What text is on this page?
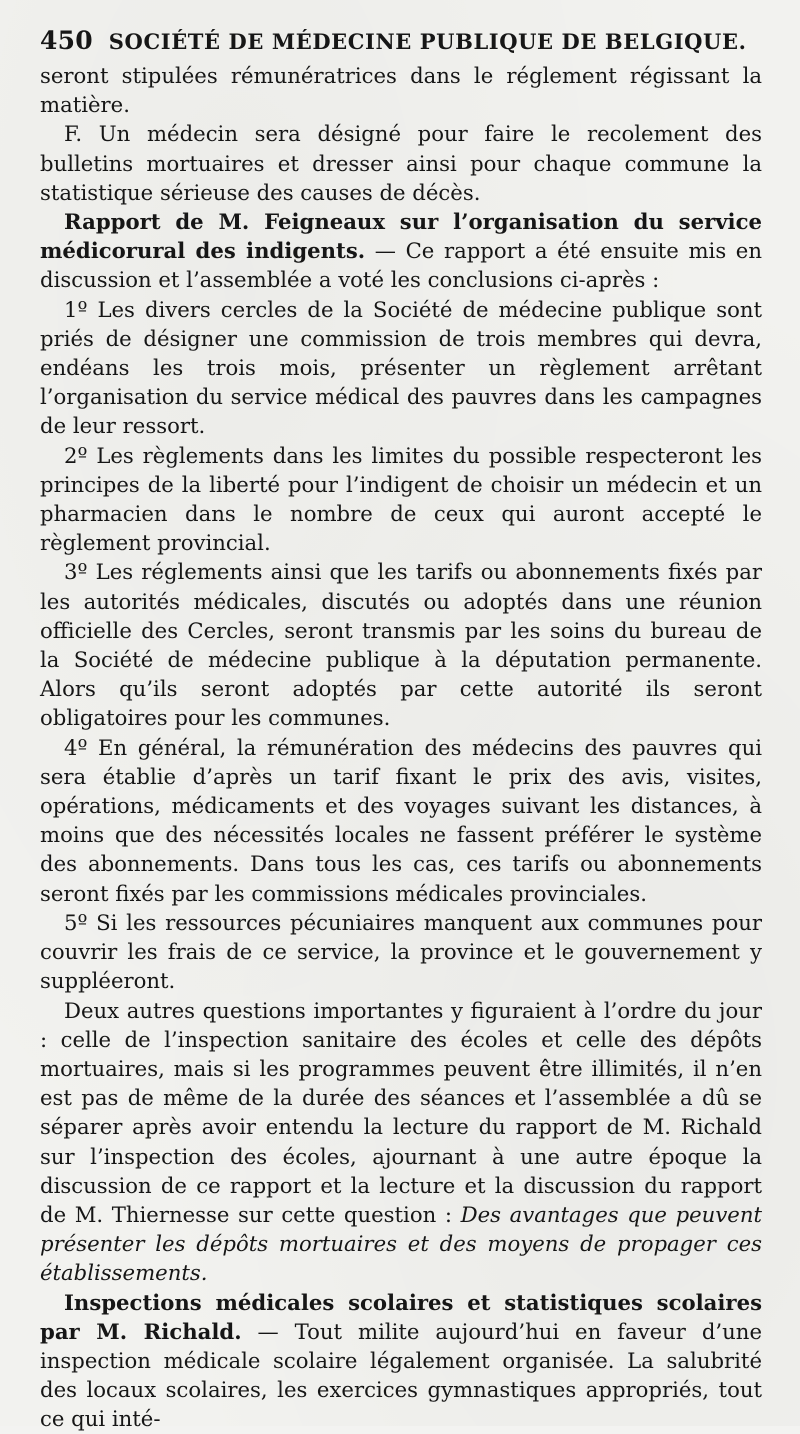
450 SOCIÉTÉ DE MÉDECINE PUBLIQUE DE BELGIQUE.

seront stipulées rémunératrices dans le réglement régissant la matière.

F. Un médecin sera désigné pour faire le recolement des bulletins mortuaires et dresser ainsi pour chaque commune la statistique sérieuse des causes de décès.

Rapport de M. Feigneaux sur l’organisation du service médicorural des indigents. — Ce rapport a été ensuite mis en discussion et l’assemblée a voté les conclusions ci-après :

1º Les divers cercles de la Société de médecine publique sont priés de désigner une commission de trois membres qui devra, endéans les trois mois, présenter un règlement arrêtant l’organisation du service médical des pauvres dans les campagnes de leur ressort.

2º Les règlements dans les limites du possible respecteront les principes de la liberté pour l’indigent de choisir un médecin et un pharmacien dans le nombre de ceux qui auront accepté le règlement provincial.

3º Les réglements ainsi que les tarifs ou abonnements fixés par les autorités médicales, discutés ou adoptés dans une réunion officielle des Cercles, seront transmis par les soins du bureau de la Société de médecine publique à la députation permanente. Alors qu’ils seront adoptés par cette autorité ils seront obligatoires pour les communes.

4º En général, la rémunération des médecins des pauvres qui sera établie d’après un tarif fixant le prix des avis, visites, opérations, médicaments et des voyages suivant les distances, à moins que des nécessités locales ne fassent préférer le système des abonnements. Dans tous les cas, ces tarifs ou abonnements seront fixés par les commissions médicales provinciales.

5º Si les ressources pécuniaires manquent aux communes pour couvrir les frais de ce service, la province et le gouvernement y suppléeront.

Deux autres questions importantes y figuraient à l’ordre du jour : celle de l’inspection sanitaire des écoles et celle des dépôts mortuaires, mais si les programmes peuvent être illimités, il n’en est pas de même de la durée des séances et l’assemblée a dû se séparer après avoir entendu la lecture du rapport de M. Richald sur l’inspection des écoles, ajournant à une autre époque la discussion de ce rapport et la lecture et la discussion du rapport de M. Thiernesse sur cette question : Des avantages que peuvent présenter les dépôts mortuaires et des moyens de propager ces établissements.

Inspections médicales scolaires et statistiques scolaires par M. Richald. — Tout milite aujourd’hui en faveur d’une inspection médicale scolaire légalement organisée. La salubrité des locaux scolaires, les exercices gymnastiques appropriés, tout ce qui inté-
